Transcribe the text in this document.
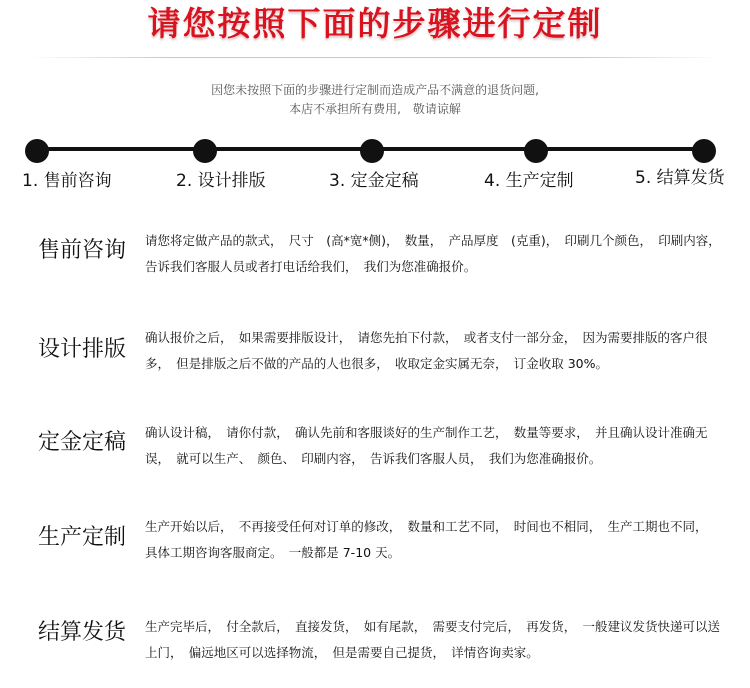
请您按照下面的步骤进行定制
因您未按照下面的步骤进行定制而造成产品不满意的退货问题,
本店不承担所有费用,　敬请谅解
1. 售前咨询	2. 设计排版	3. 定金定稿	4. 生产定制	5. 结算发货
售前咨询 请您将定做产品的款式，　尺寸　(高*宽*侧)，　数量，　产品厚度　(克重)，　印刷几个颜色，　印刷内容，　告诉我们客服人员或者打电话给我们，　我们为您准确报价。
设计排版 确认报价之后，　如果需要排版设计，　请您先拍下付款，　或者支付一部分金，　因为需要排版的客户很多，　但是排版之后不做的产品的人也很多，　收取定金实属无奈，　订金收取 30%。
定金定稿 确认设计稿，　请你付款，　确认先前和客服谈好的生产制作工艺，　数量等要求，　并且确认设计准确无误，　就可以生产、　颜色、　印刷内容，　告诉我们客服人员，　我们为您准确报价。
生产定制 生产开始以后，　不再接受任何对订单的修改，　数量和工艺不同，　时间也不相同，　生产工期也不同，　具体工期咨询客服商定。　一般都是 7-10 天。
结算发货 生产完毕后，　付全款后，　直接发货，　如有尾款，　需要支付完后，　再发货，　一般建议发货快递可以送上门，　偏远地区可以选择物流，　但是需要自己提货，　详情咨询卖家。
